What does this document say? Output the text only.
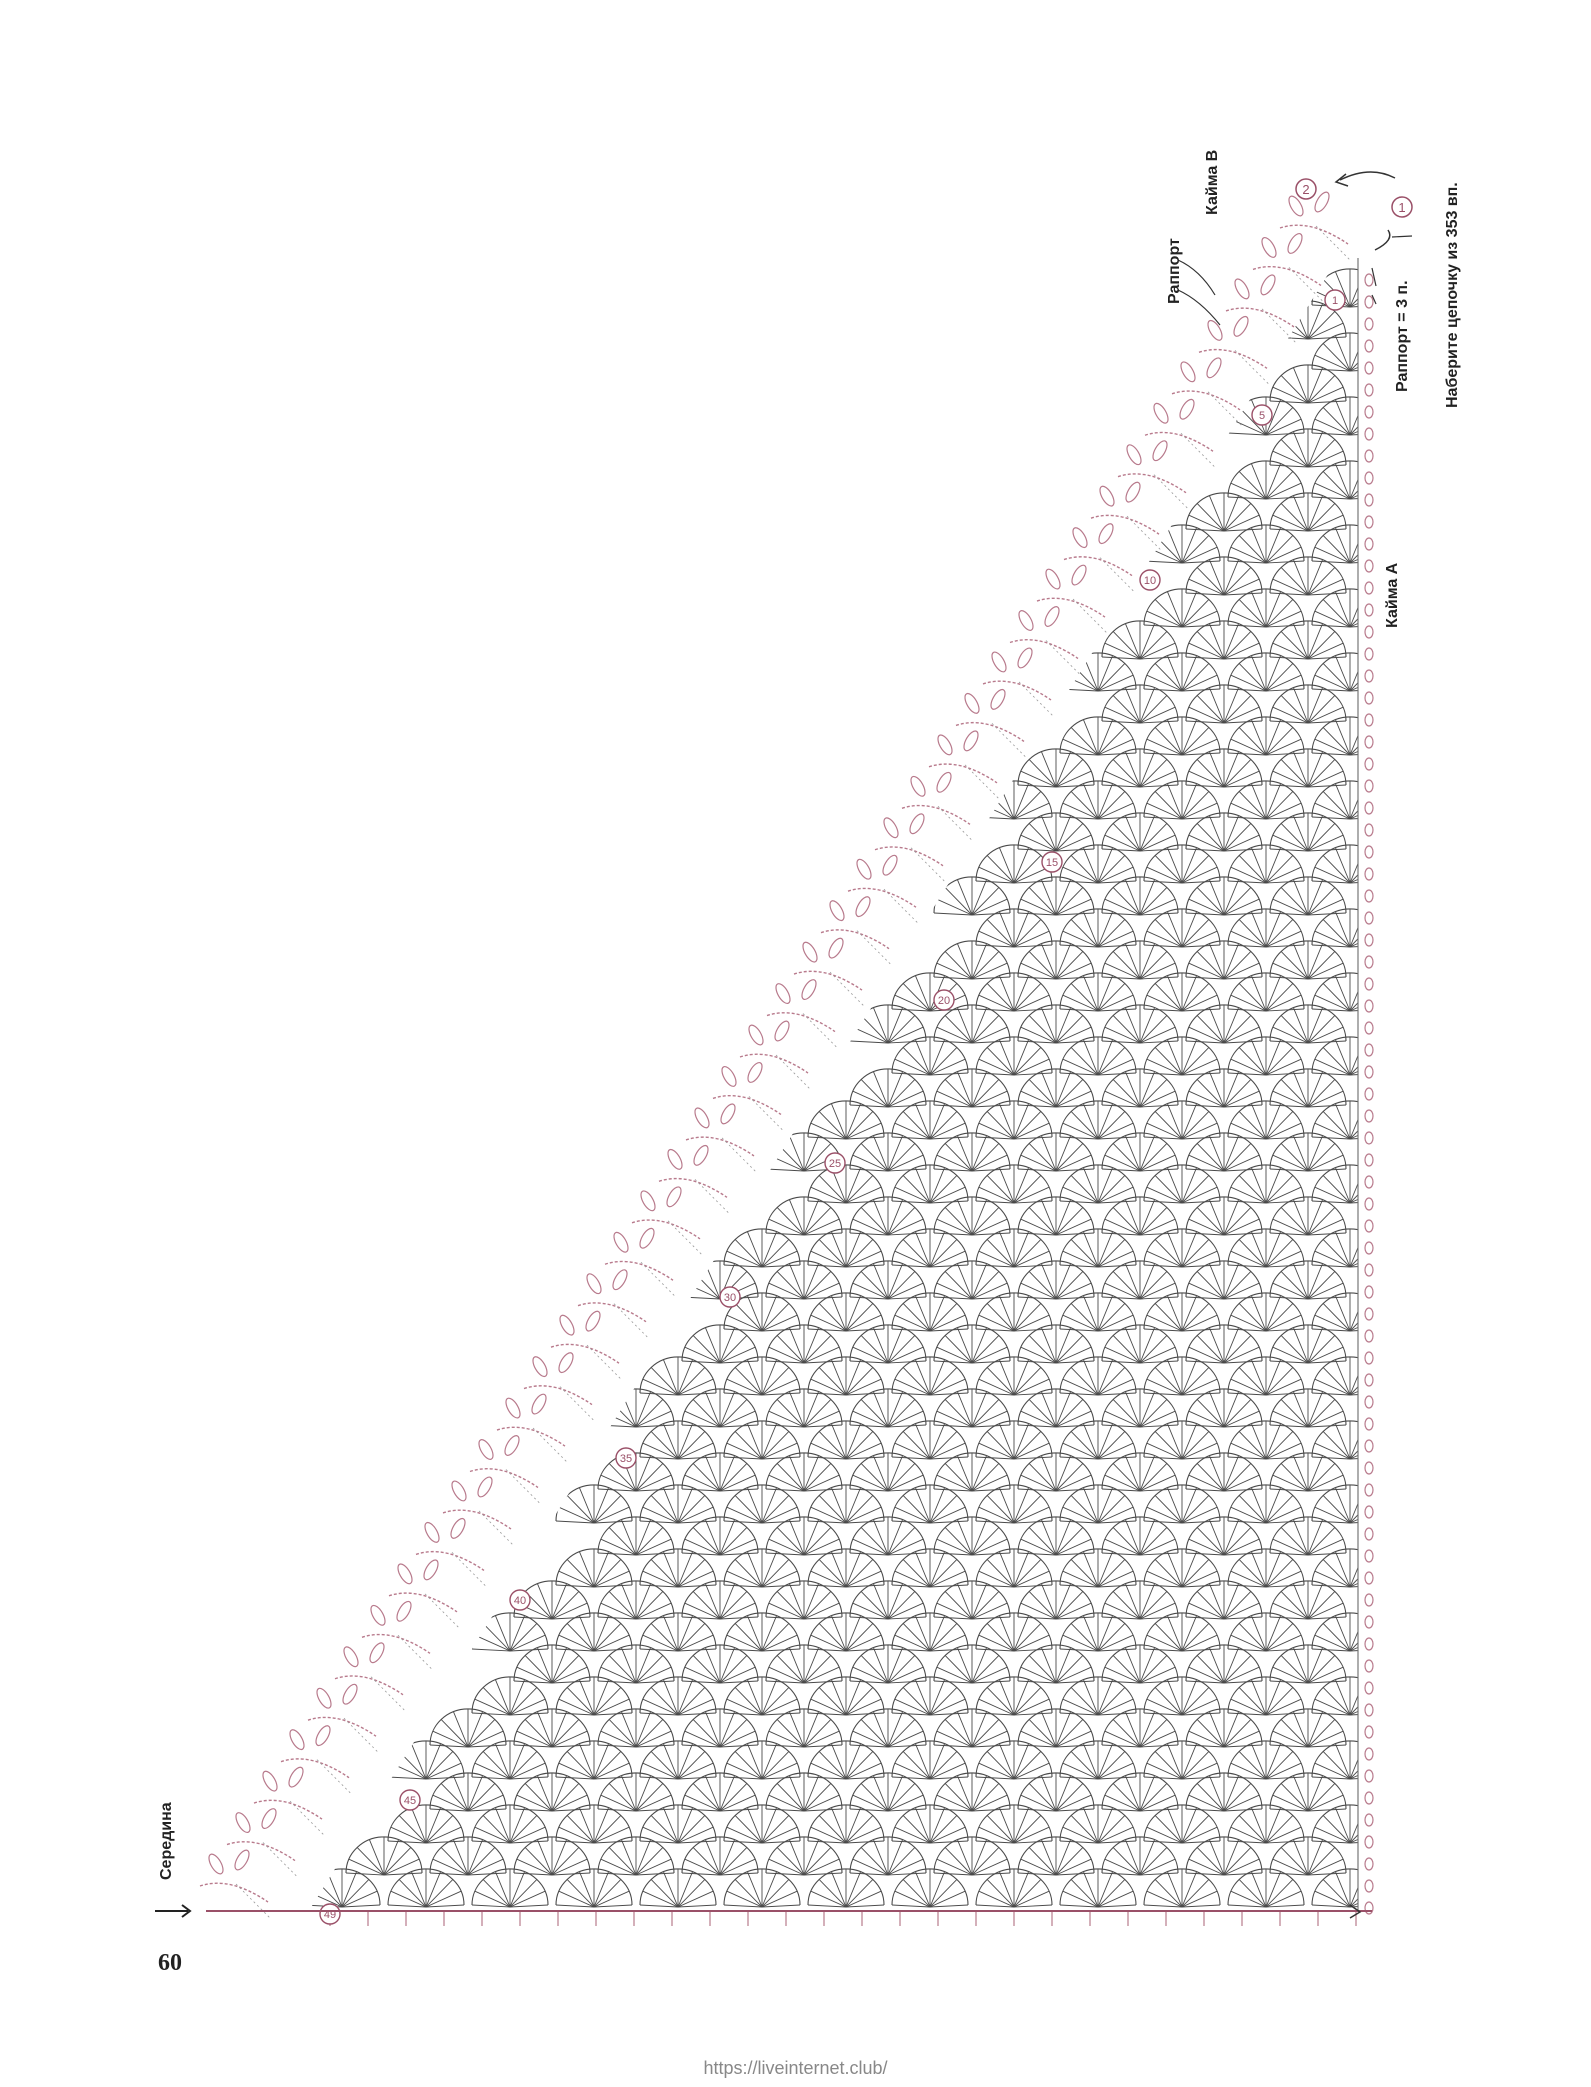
1
5
10
15
20
25
30
35
40
45
49
1
2
Кайма В
Раппорт
Раппорт = 3 п. Наберите цепочку из 353 вп.
Кайма А
Середина
60
https://liveinternet.club/
